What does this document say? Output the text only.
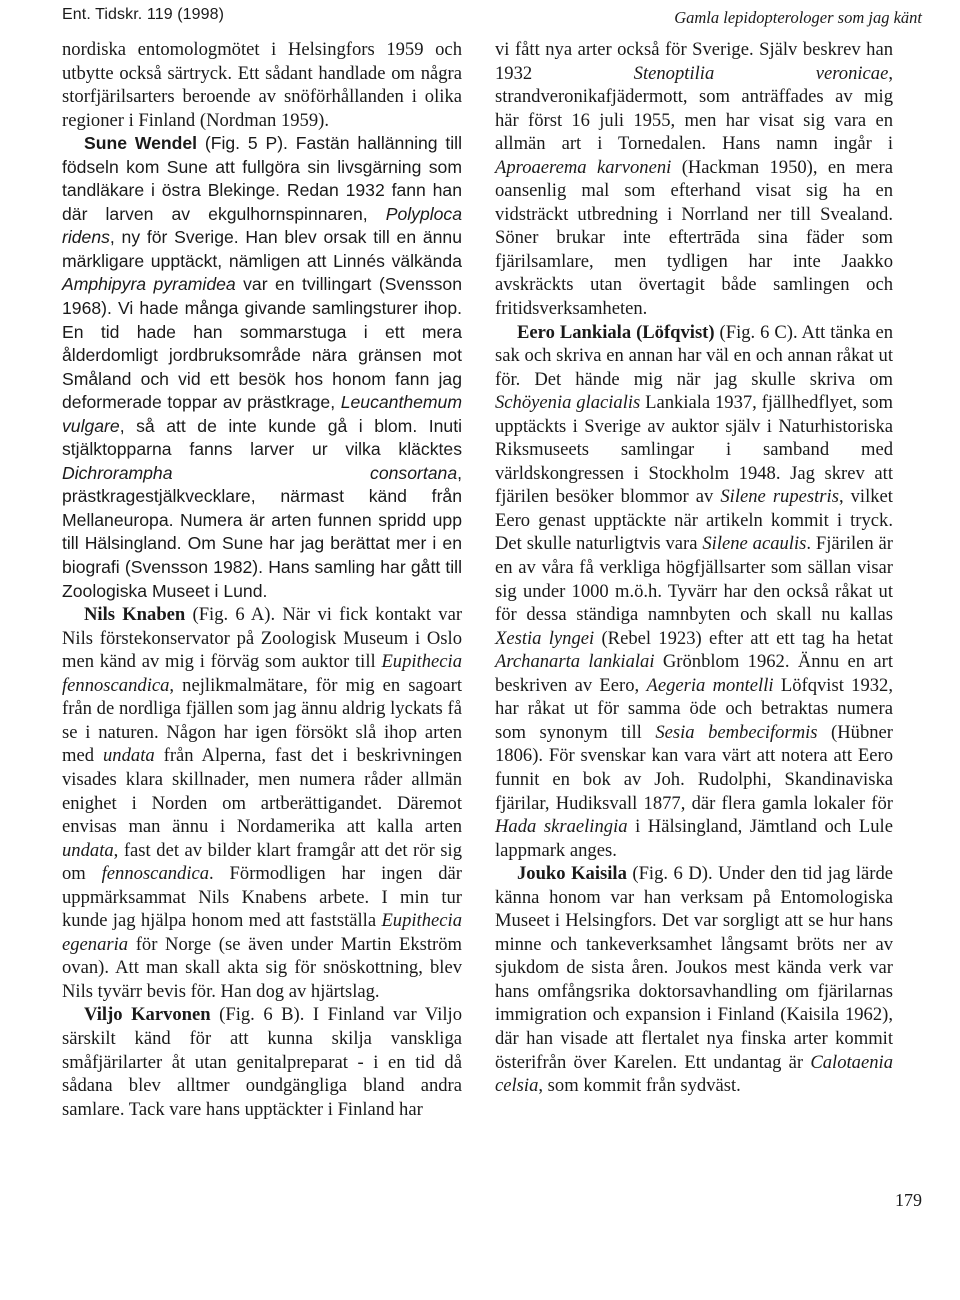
Ent. Tidskr. 119 (1998)	Gamla lepidopterologer som jag känt

nordiska entomologmötet i Helsingfors 1959 och utbytte också särtryck. Ett sådant handlade om några storfjärilsarters beroende av snöförhållanden i olika regioner i Finland (Nordman 1959).

Sune Wendel (Fig. 5 P). Fastän hallänning till födseln kom Sune att fullgöra sin livsgärning som tandläkare i östra Blekinge. Redan 1932 fann han där larven av ekgulhornspinnaren, Polyploca ridens, ny för Sverige. Han blev orsak till en ännu märkligare upptäckt, nämligen att Linnés välkända Amphipyra pyramidea var en tvillingart (Svensson 1968). Vi hade många givande samlingsturer ihop. En tid hade han sommarstuga i ett mera ålderdomligt jordbruksområde nära gränsen mot Småland och vid ett besök hos honom fann jag deformerade toppar av prästkrage, Leucanthemum vulgare, så att de inte kunde gå i blom. Inuti stjälktopparna fanns larver ur vilka kläcktes Dichrorampha consortana, prästkragestjälkvecklare, närmast känd från Mellaneuropa. Numera är arten funnen spridd upp till Hälsingland. Om Sune har jag berättat mer i en biografi (Svensson 1982). Hans samling har gått till Zoologiska Museet i Lund.

Nils Knaben (Fig. 6 A). När vi fick kontakt var Nils förstekonservator på Zoologisk Museum i Oslo men känd av mig i förväg som auktor till Eupithecia fennoscandica, nejlikmalmätare, för mig en sagoart från de nordliga fjällen som jag ännu aldrig lyckats få se i naturen. Någon har igen försökt slå ihop arten med undata från Alperna, fast det i beskrivningen visades klara skillnader, men numera råder allmän enighet i Norden om artberättigandet. Däremot envisas man ännu i Nordamerika att kalla arten undata, fast det av bilder klart framgår att det rör sig om fennoscandica. Förmodligen har ingen där uppmärksammat Nils Knabens arbete. I min tur kunde jag hjälpa honom med att fastställa Eupithecia egenaria för Norge (se även under Martin Ekström ovan). Att man skall akta sig för snöskottning, blev Nils tyvärr bevis för. Han dog av hjärtslag.

Viljo Karvonen (Fig. 6 B). I Finland var Viljo särskilt känd för att kunna skilja vanskliga småfjärilarter åt utan genitalpreparat - i en tid då sådana blev alltmer oundgängliga bland andra samlare. Tack vare hans upptäckter i Finland har

vi fått nya arter också för Sverige. Själv beskrev han 1932	Stenoptilia veronicae, strandveronikafjädermott, som anträffades av mig här först 16 juli 1955, men har visat sig vara en allmän art i Tornedalen. Hans namn ingår i Aproaerema karvoneni (Hackman 1950), en mera oansenlig mal som efterhand visat sig ha en vidsträckt utbredning i Norrland ner till Svealand. Söner brukar inte eftertrāda sina fäder som fjärilsamlare, men tydligen har inte Jaakko avskräckts utan övertagit både samlingen och fritidsverksamheten.

Eero Lankiala (Löfqvist) (Fig. 6 C). Att tänka en sak och skriva en annan har väl en och annan råkat ut för. Det hände mig när jag skulle skriva om Schöyenia glacialis Lankiala 1937, fjällhedflyet, som upptäckts i Sverige av auktor själv i Naturhistoriska Riksmuseets samlingar i samband med världskongressen i Stockholm 1948. Jag skrev att fjärilen besöker blommor av Silene rupestris, vilket Eero genast upptäckte när artikeln kommit i tryck. Det skulle naturligtvis vara Silene acaulis. Fjärilen är en av våra få verkliga högfjällsarter som sällan visar sig under 1000 m.ö.h. Tyvärr har den också råkat ut för dessa ständiga namnbyten och skall nu kallas Xestia lyngei (Rebel 1923) efter att ett tag ha hetat Archanarta lankialai Grönblom 1962. Ännu en art beskriven av Eero, Aegeria montelli Löfqvist 1932, har råkat ut för samma öde och betraktas numera som synonym till Sesia bembeciformis (Hübner 1806). För svenskar kan vara värt att notera att Eero funnit en bok av Joh. Rudolphi, Skandinaviska fjärilar, Hudiksvall 1877, där flera gamla lokaler för Hada skraelingia i Hälsingland, Jämtland och Lule lappmark anges.

Jouko Kaisila (Fig. 6 D). Under den tid jag lärde känna honom var han verksam på Entomologiska Museet i Helsingfors. Det var sorgligt att se hur hans minne och tankeverksamhet långsamt bröts ner av sjukdom de sista åren. Joukos mest kända verk var hans omfångsrika doktorsavhandling om fjärilarnas immigration och expansion i Finland (Kaisila 1962), där han visade att flertalet nya finska arter kommit österifrån över Karelen. Ett undantag är Calotaenia celsia, som kommit från sydväst.

179
